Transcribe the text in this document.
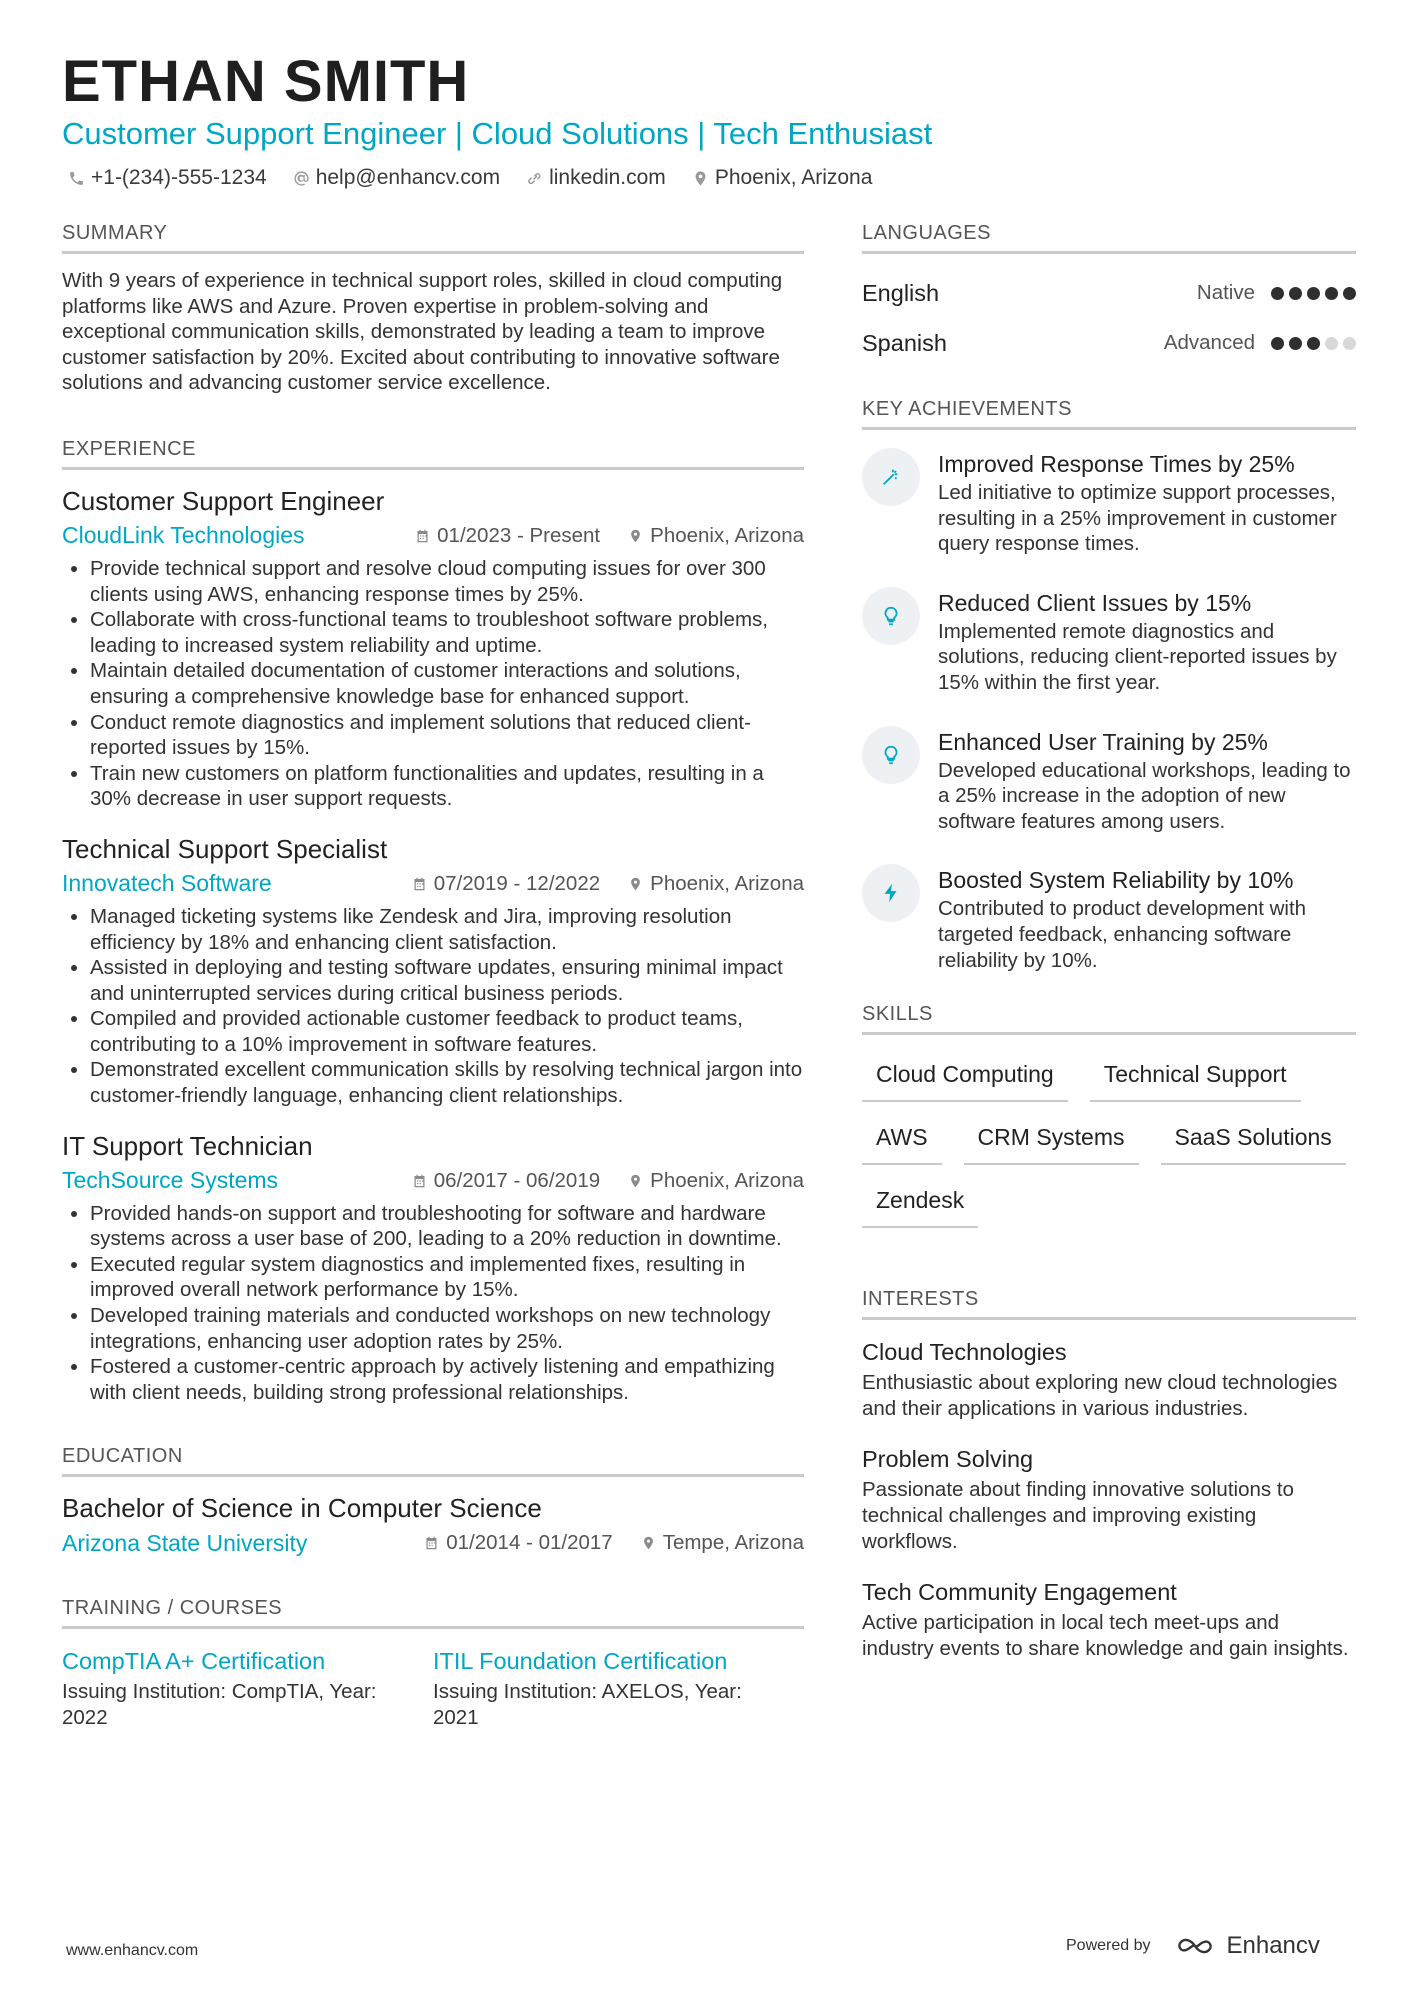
ETHAN SMITH
Customer Support Engineer | Cloud Solutions | Tech Enthusiast
+1-(234)-555-1234 help@enhancv.com linkedin.com Phoenix, Arizona
SUMMARY

With 9 years of experience in technical support roles, skilled in cloud computing platforms like AWS and Azure. Proven expertise in problem-solving and exceptional communication skills, demonstrated by leading a team to improve customer satisfaction by 20%. Excited about contributing to innovative software solutions and advancing customer service excellence.

EXPERIENCE
Customer Support Engineer
CloudLink Technologies	01/2023 - Present Phoenix, Arizona
• Provide technical support and resolve cloud computing issues for over 300 clients using AWS, enhancing response times by 25%.
• Collaborate with cross-functional teams to troubleshoot software problems, leading to increased system reliability and uptime.
• Maintain detailed documentation of customer interactions and solutions, ensuring a comprehensive knowledge base for enhanced support.
• Conduct remote diagnostics and implement solutions that reduced client-reported issues by 15%.
• Train new customers on platform functionalities and updates, resulting in a 30% decrease in user support requests.
Technical Support Specialist
Innovatech Software	07/2019 - 12/2022 Phoenix, Arizona
• Managed ticketing systems like Zendesk and Jira, improving resolution efficiency by 18% and enhancing client satisfaction.
• Assisted in deploying and testing software updates, ensuring minimal impact and uninterrupted services during critical business periods.
• Compiled and provided actionable customer feedback to product teams, contributing to a 10% improvement in software features.
• Demonstrated excellent communication skills by resolving technical jargon into customer-friendly language, enhancing client relationships.
IT Support Technician
TechSource Systems	06/2017 - 06/2019 Phoenix, Arizona
• Provided hands-on support and troubleshooting for software and hardware systems across a user base of 200, leading to a 20% reduction in downtime.
• Executed regular system diagnostics and implemented fixes, resulting in improved overall network performance by 15%.
• Developed training materials and conducted workshops on new technology integrations, enhancing user adoption rates by 25%.
• Fostered a customer-centric approach by actively listening and empathizing with client needs, building strong professional relationships.
EDUCATION
Bachelor of Science in Computer Science
Arizona State University	01/2014 - 01/2017 Tempe, Arizona
TRAINING / COURSES
CompTIA A+ Certification
Issuing Institution: CompTIA, Year: 2022
ITIL Foundation Certification
Issuing Institution: AXELOS, Year: 2021
LANGUAGES
English	Native
Spanish	Advanced
KEY ACHIEVEMENTS
Improved Response Times by 25%
Led initiative to optimize support processes, resulting in a 25% improvement in customer query response times.
Reduced Client Issues by 15%
Implemented remote diagnostics and solutions, reducing client-reported issues by 15% within the first year.
Enhanced User Training by 25%
Developed educational workshops, leading to a 25% increase in the adoption of new software features among users.
Boosted System Reliability by 10%
Contributed to product development with targeted feedback, enhancing software reliability by 10%.
SKILLS
Cloud Computing	Technical Support
AWS	CRM Systems	SaaS Solutions
Zendesk
INTERESTS
Cloud Technologies
Enthusiastic about exploring new cloud technologies and their applications in various industries.
Problem Solving
Passionate about finding innovative solutions to technical challenges and improving existing workflows.
Tech Community Engagement
Active participation in local tech meet-ups and industry events to share knowledge and gain insights.
www.enhancv.com	Powered by	Enhancv
